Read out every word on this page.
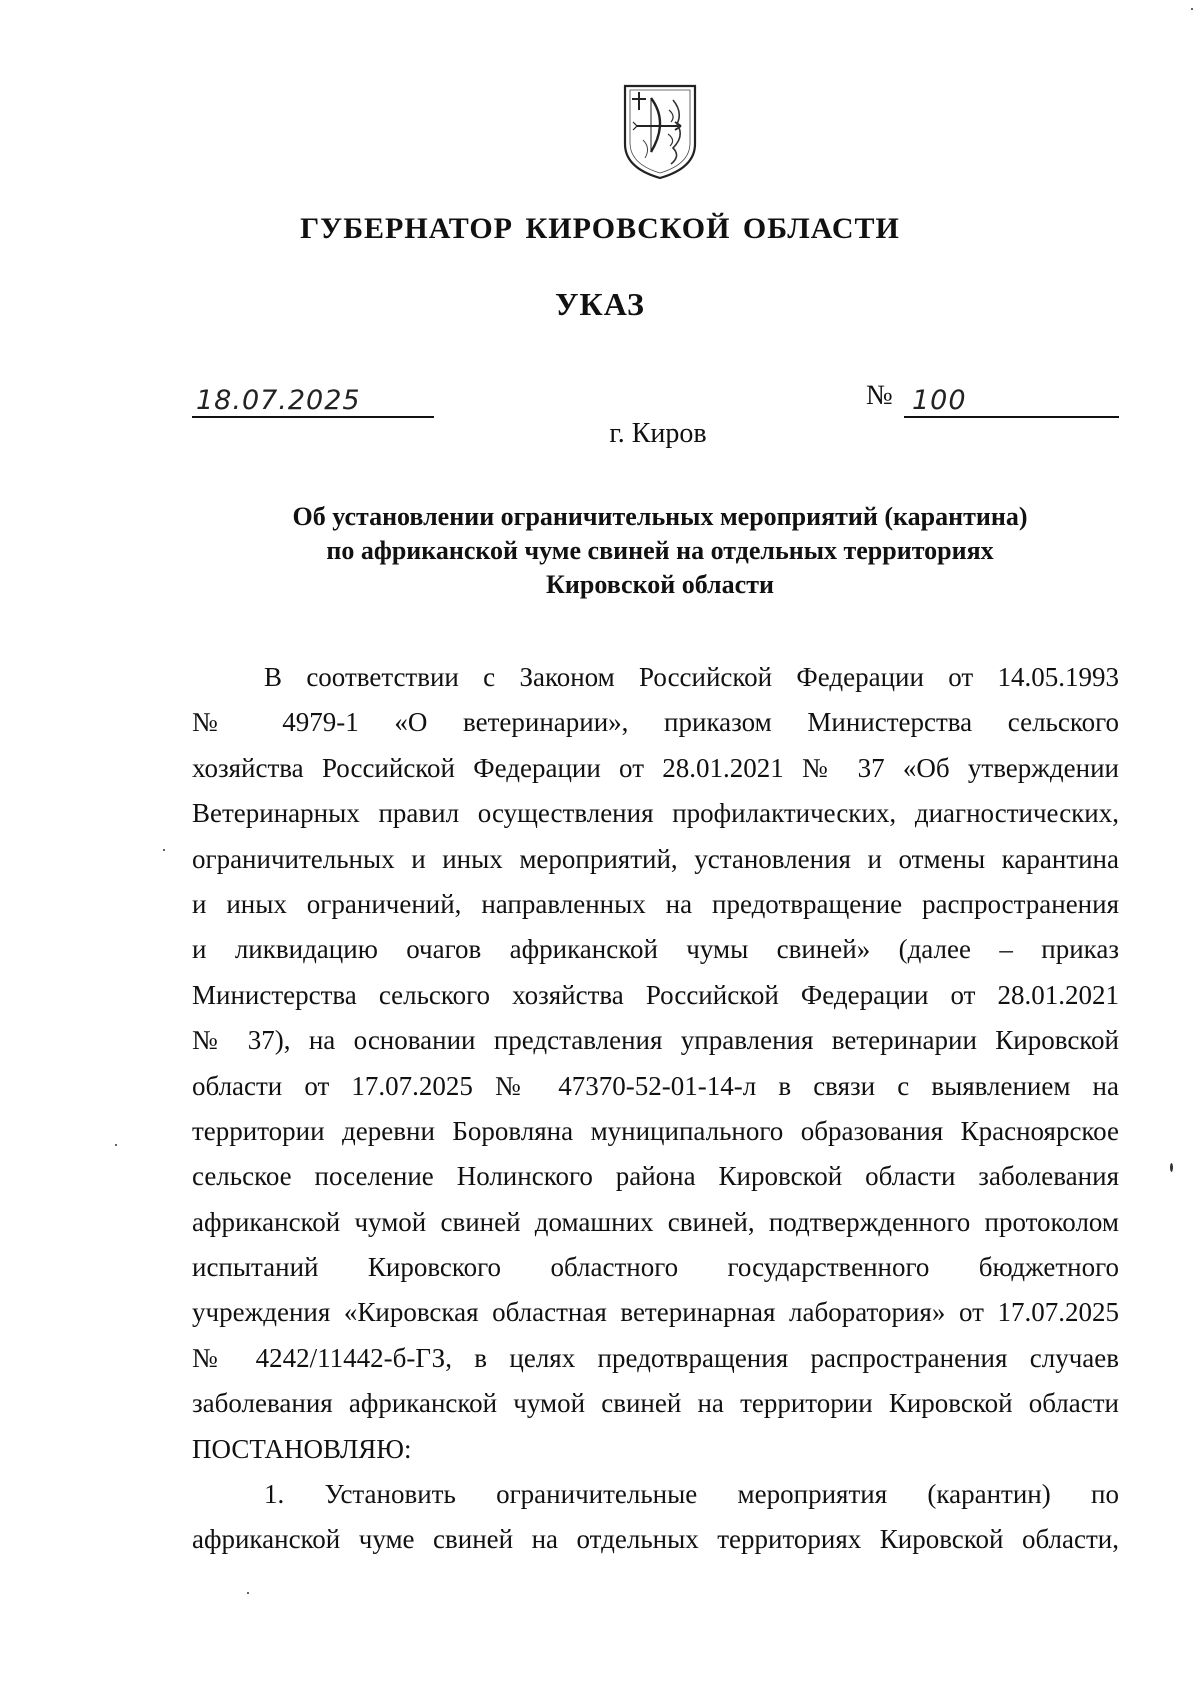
ГУБЕРНАТОР КИРОВСКОЙ ОБЛАСТИ
УКАЗ
18.07.2025	№ 100
г. Киров
Об установлении ограничительных мероприятий (карантина)
по африканской чуме свиней на отдельных территориях
Кировской области
В соответствии с Законом Российской Федерации от 14.05.1993
№ 4979-1 «О ветеринарии», приказом Министерства сельского
хозяйства Российской Федерации от 28.01.2021 № 37 «Об утверждении
Ветеринарных правил осуществления профилактических, диагностических,
ограничительных и иных мероприятий, установления и отмены карантина
и иных ограничений, направленных на предотвращение распространения
и ликвидацию очагов африканской чумы свиней» (далее – приказ
Министерства сельского хозяйства Российской Федерации от 28.01.2021
№ 37), на основании представления управления ветеринарии Кировской
области от 17.07.2025 № 47370-52-01-14-л в связи с выявлением на
территории деревни Боровляна муниципального образования Красноярское
сельское поселение Нолинского района Кировской области заболевания
африканской чумой свиней домашних свиней, подтвержденного протоколом
испытаний Кировского областного государственного бюджетного
учреждения «Кировская областная ветеринарная лаборатория» от 17.07.2025
№ 4242/11442-б-ГЗ, в целях предотвращения распространения случаев
заболевания африканской чумой свиней на территории Кировской области
ПОСТАНОВЛЯЮ:
1. Установить ограничительные мероприятия (карантин) по
африканской чуме свиней на отдельных территориях Кировской области,
